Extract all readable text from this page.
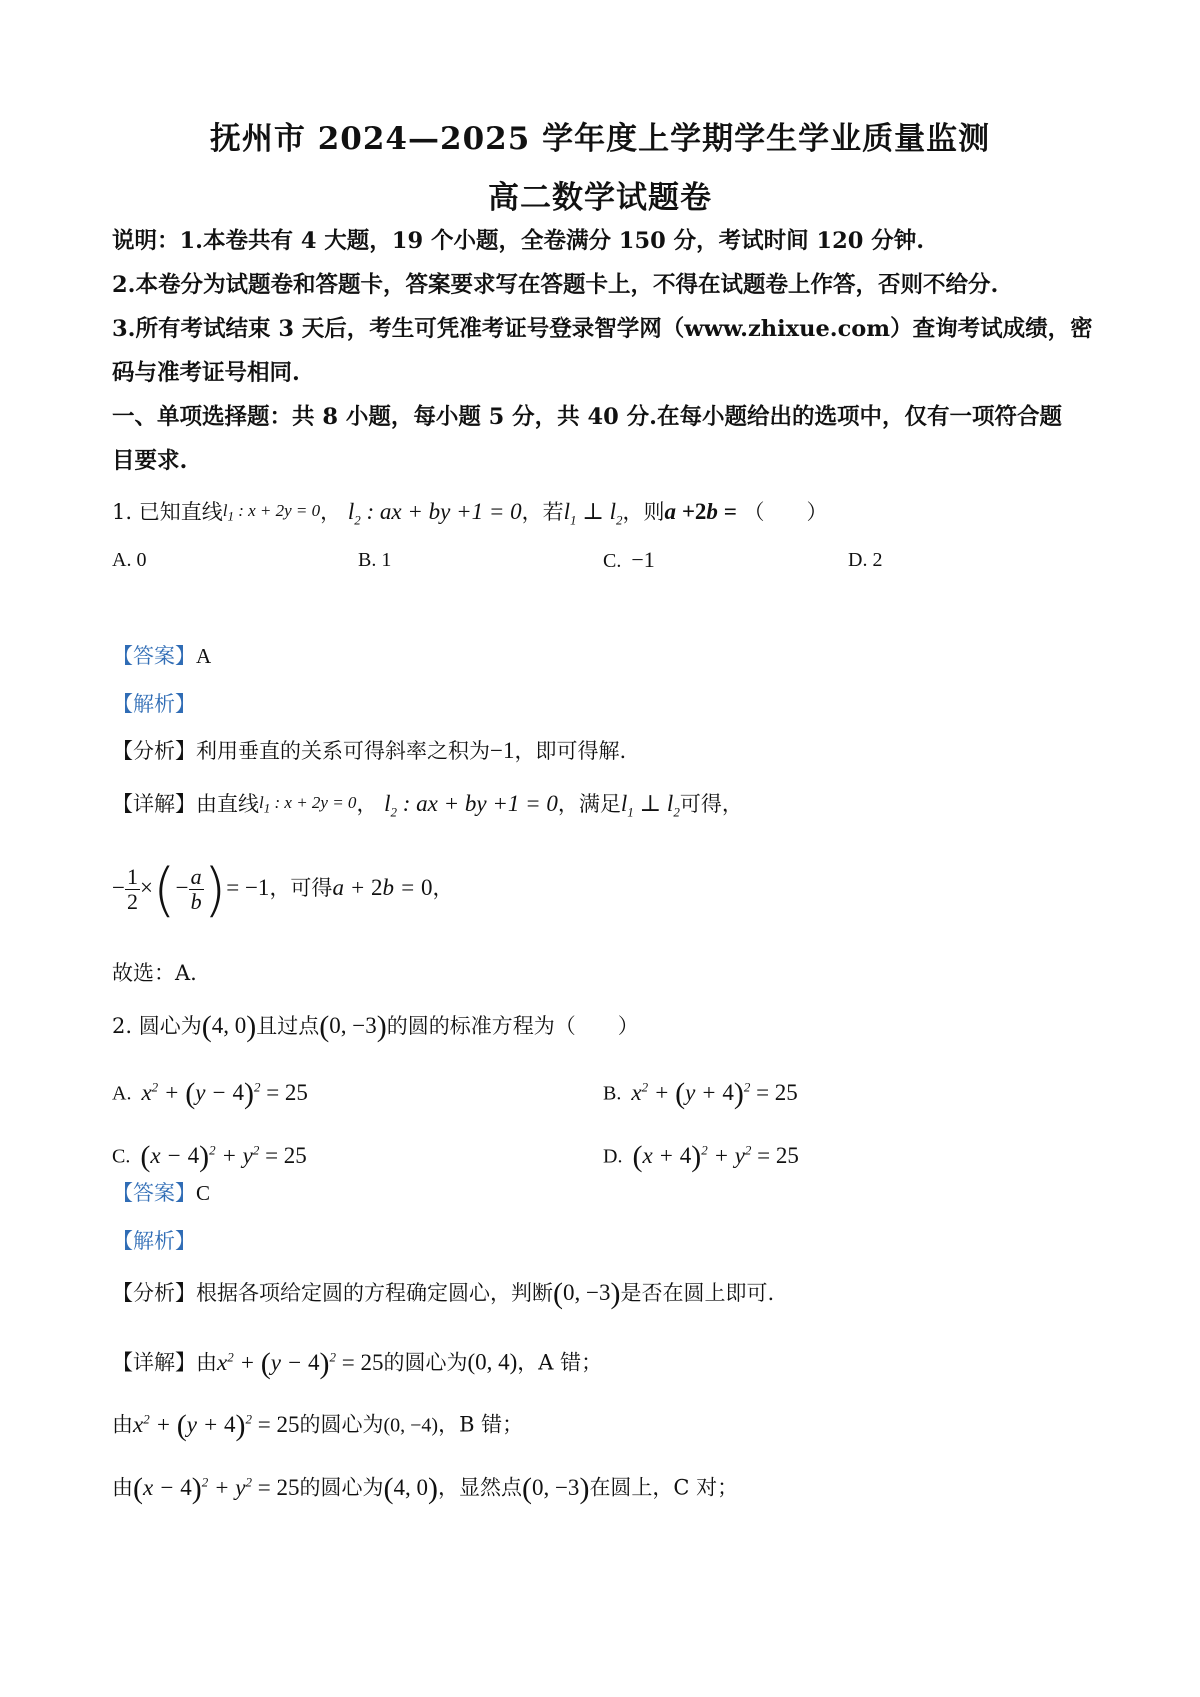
抚州市 2024—2025 学年度上学期学生学业质量监测
高二数学试题卷
说明：1.本卷共有 4 大题，19 个小题，全卷满分 150 分，考试时间 120 分钟.
2.本卷分为试题卷和答题卡，答案要求写在答题卡上，不得在试题卷上作答，否则不给分.
3.所有考试结束 3 天后，考生可凭准考证号登录智学网（www.zhixue.com）查询考试成绩，密
码与准考证号相同.
一、单项选择题：共 8 小题，每小题 5 分，共 40 分.在每小题给出的选项中，仅有一项符合题
目要求.
1. 已知直线$l_1$ : x + 2y = 0， $l_2$ : ax + by +1 = 0，若$l_1$ ⊥ $l_2$，则a +2b = （　　）
A. 0	B. 1	C. −1	D. 2
【答案】A
【解析】
【分析】利用垂直的关系可得斜率之积为−1，即可得解.
【详解】由直线$l_1$ : x + 2y = 0， $l_2$ : ax + by +1 = 0，满足$l_1$ ⊥ $l_2$可得，
− $\frac{1}{2}$ ×(− $\frac{a}{b}$ )= −1，可得a + 2b = 0，
故选：A.
2. 圆心为(4, 0)且过点(0, −3)的圆的标准方程为（　　）
A. $x^2 + (y - 4)^2 = 25$	B. $x^2 + (y + 4)^2 = 25$
C. $(x - 4)^2 + y^2 = 25$	D. $(x + 4)^2 + y^2 = 25$
【答案】C
【解析】
【分析】根据各项给定圆的方程确定圆心，判断(0, −3)是否在圆上即可.
【详解】由$x^2 + (y - 4)^2 = 25$的圆心为(0, 4)，A 错；
由$x^2 + (y + 4)^2 = 25$的圆心为(0, −4)，B 错；
由$(x - 4)^2 + y^2 = 25$的圆心为(4, 0)，显然点(0, −3)在圆上，C 对；
